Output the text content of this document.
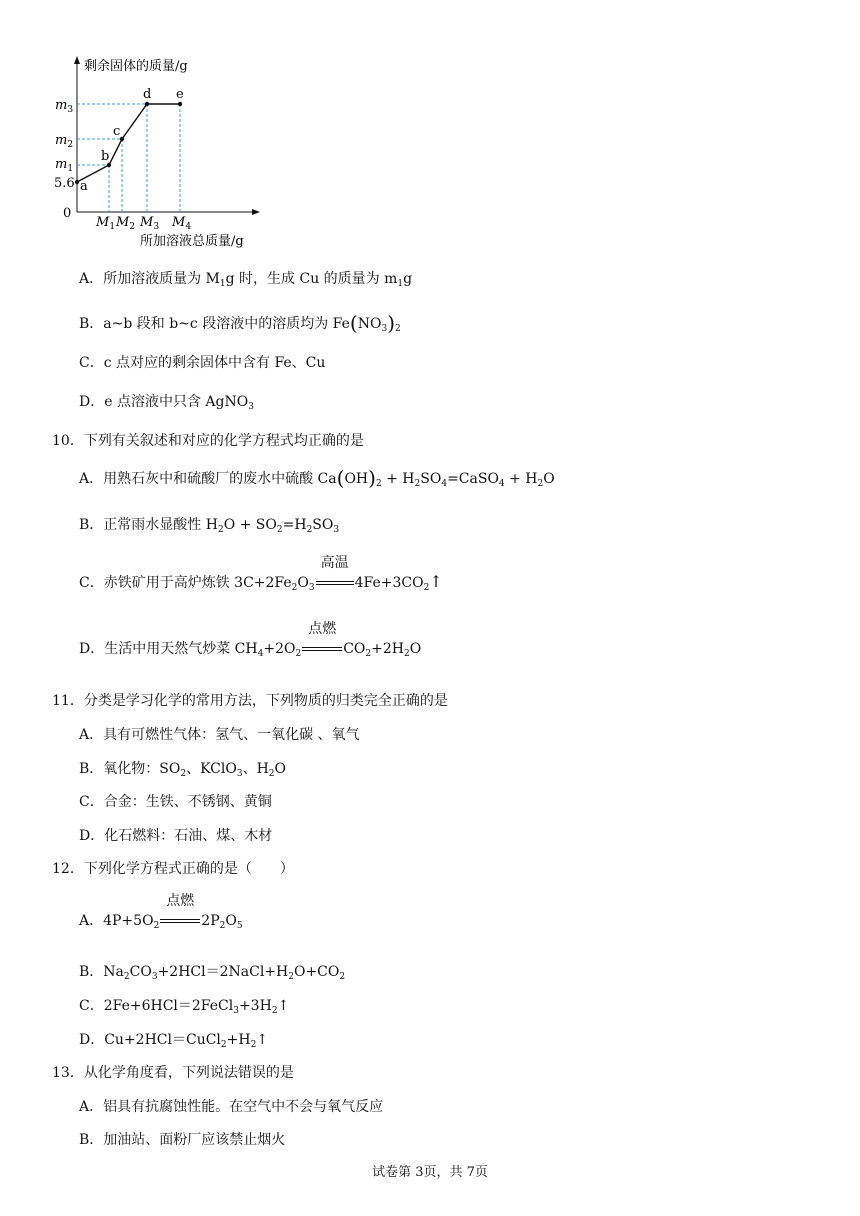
剩余固体的质量/g
所加溶液总质量/g
0
$m_3$
$m_2$
$m_1$
5.6
$M_1$ $M_2$ $M_3$ $M_4$
a
b
c
d e
A．所加溶液质量为 $M_1g$ 时，生成 Cu 的质量为 $m_1g$
B．a~b 段和 b~c 段溶液中的溶质均为 $Fe(NO_3)_2$
C．c 点对应的剩余固体中含有 Fe、Cu
D．e 点溶液中只含 AgNO$_3$
10．下列有关叙述和对应的化学方程式均正确的是
A．用熟石灰中和硫酸厂的废水中硫酸 $Ca(OH)_2$ + $H_2SO_4=CaSO_4 + H_2O$
B．正常雨水显酸性 $H_2O + SO_2=H_2SO_3$
C．赤铁矿用于高炉炼铁 $3C+2Fe_2O_3$
高温
$4Fe+3CO_2↑$
D．生活中用天然气炒菜 $CH_4+2O_2$
点燃
$CO_2+2H_2O$
11．分类是学习化学的常用方法，下列物质的归类完全正确的是
A．具有可燃性气体：氢气、一氧化碳 、氧气
B．氧化物：$SO_2$、KClO$_3$、$H_2O$
C．合金：生铁、不锈钢、黄铜
D．化石燃料：石油、煤、木材
12．下列化学方程式正确的是（　　）
A．$4P+5O_2$
点燃
$2P_2O_5$
B．$Na_2CO_3+2HCl=2NaCl+H_2O+CO_2$
C．$2Fe+6HCl=2FeCl_3+3H_2↑$
D．$Cu+2HCl=CuCl_2+H_2↑$
13．从化学角度看，下列说法错误的是
A．铝具有抗腐蚀性能。在空气中不会与氧气反应
B．加油站、面粉厂应该禁止烟火
试卷第 3页，共 7页
